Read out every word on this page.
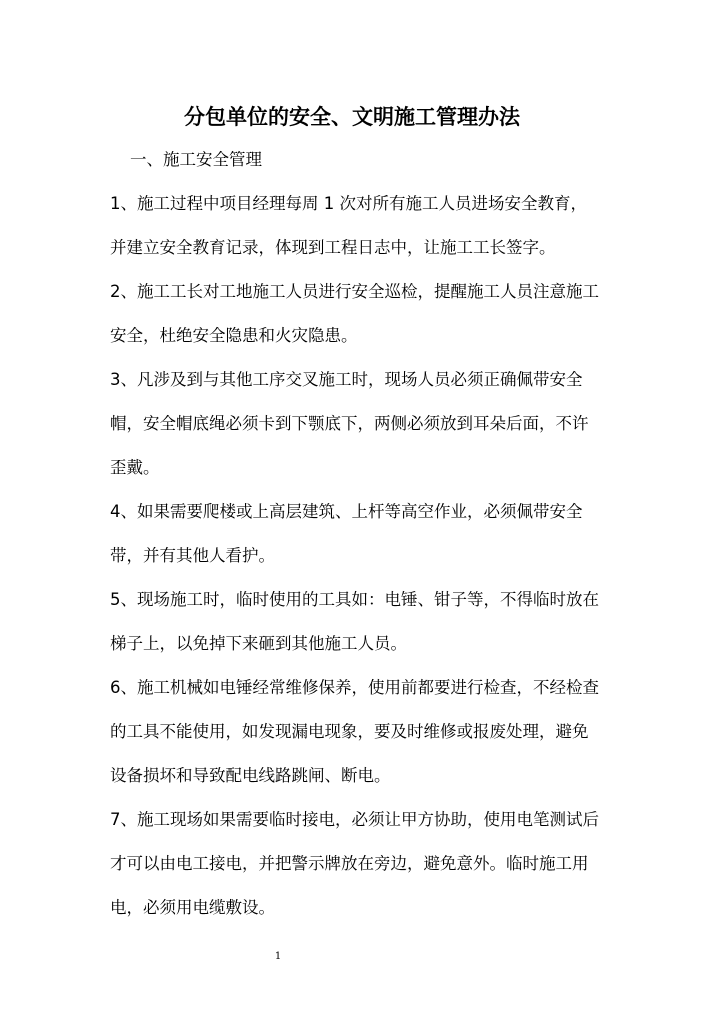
分包单位的安全、文明施工管理办法
一、施工安全管理
1、施工过程中项目经理每周 1 次对所有施工人员进场安全教育，
并建立安全教育记录，体现到工程日志中，让施工工长签字。
2、施工工长对工地施工人员进行安全巡检，提醒施工人员注意施工
安全，杜绝安全隐患和火灾隐患。
3、凡涉及到与其他工序交叉施工时，现场人员必须正确佩带安全
帽，安全帽底绳必须卡到下颚底下，两侧必须放到耳朵后面，不许
歪戴。
4、如果需要爬楼或上高层建筑、上杆等高空作业，必须佩带安全
带，并有其他人看护。
5、现场施工时，临时使用的工具如：电锤、钳子等，不得临时放在
梯子上，以免掉下来砸到其他施工人员。
6、施工机械如电锤经常维修保养，使用前都要进行检查，不经检查
的工具不能使用，如发现漏电现象，要及时维修或报废处理，避免
设备损坏和导致配电线路跳闸、断电。
7、施工现场如果需要临时接电，必须让甲方协助，使用电笔测试后
才可以由电工接电，并把警示牌放在旁边，避免意外。临时施工用
电，必须用电缆敷设。
1
